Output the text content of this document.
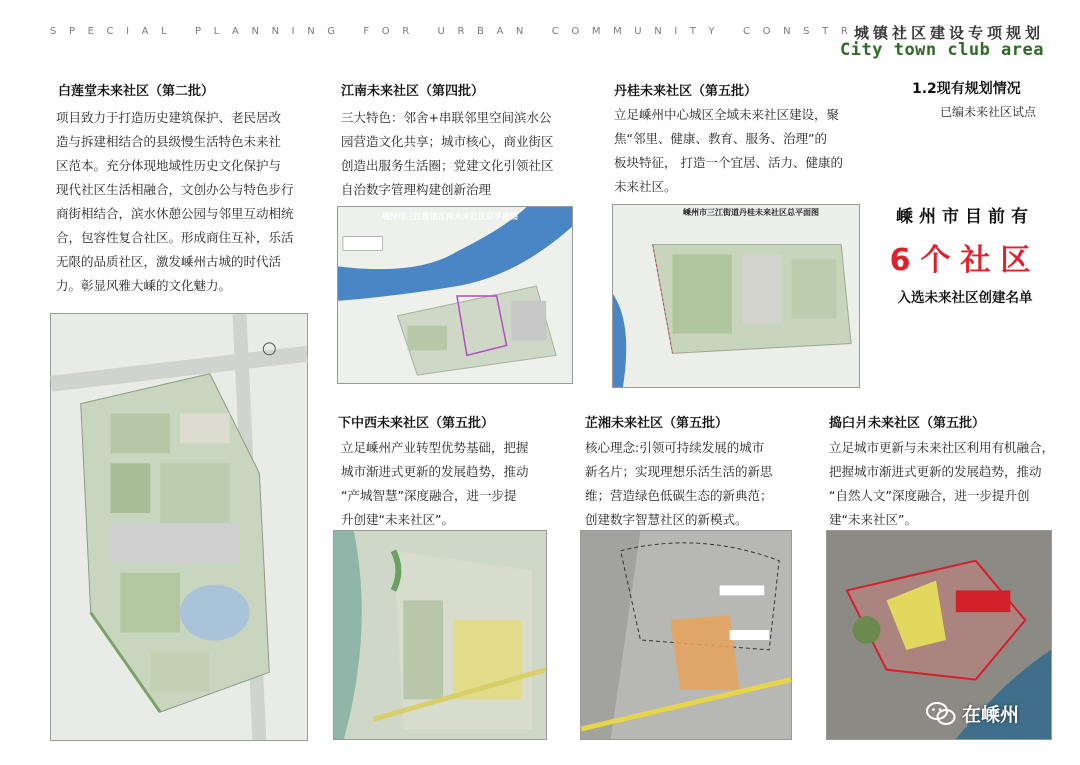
SPECIAL PLANNING FOR URBAN COMMUNITY CONSTRUCTI
城镇社区建设专项规划
City town club area
白莲堂未来社区（第二批）
项目致力于打造历史建筑保护、老民居改
造与拆建相结合的县级慢生活特色未来社
区范本。充分体现地域性历史文化保护与
现代社区生活相融合，文创办公与特色步行
商街相结合，滨水休憩公园与邻里互动相统
合，包容性复合社区。形成商住互补，乐活
无限的品质社区，激发嵊州古城的时代活
力。彰显风雅大嵊的文化魅力。
江南未来社区（第四批）
三大特色：邻舍+串联邻里空间滨水公
园营造文化共享；城市核心，商业街区
创造出服务生活圈；党建文化引领社区
自治数字管理构建创新治理
嵊州市三江街道江南未来社区总平面图
丹桂未来社区（第五批）
立足嵊州中心城区全域未来社区建设，聚
焦“邻里、健康、教育、服务、治理”的
板块特征， 打造一个宜居、活力、健康的
未来社区。
嵊州市三江街道丹桂未来社区总平面图
1.2现有规划情况
已编未来社区试点
嵊州市目前有
6个社区
入选未来社区创建名单
下中西未来社区（第五批）
立足嵊州产业转型优势基础，把握
城市渐进式更新的发展趋势，推动
“产城智慧”深度融合，进一步提
升创建“未来社区”。
芷湘未来社区（第五批）
核心理念:引领可持续发展的城市
新名片；实现理想乐活生活的新思
维；营造绿色低碳生态的新典范；
创建数字智慧社区的新模式。
捣臼爿未来社区（第五批）
立足城市更新与未来社区利用有机融合，
把握城市渐进式更新的发展趋势，推动
“自然人文”深度融合，进一步提升创
建“未来社区”。
在嵊州
